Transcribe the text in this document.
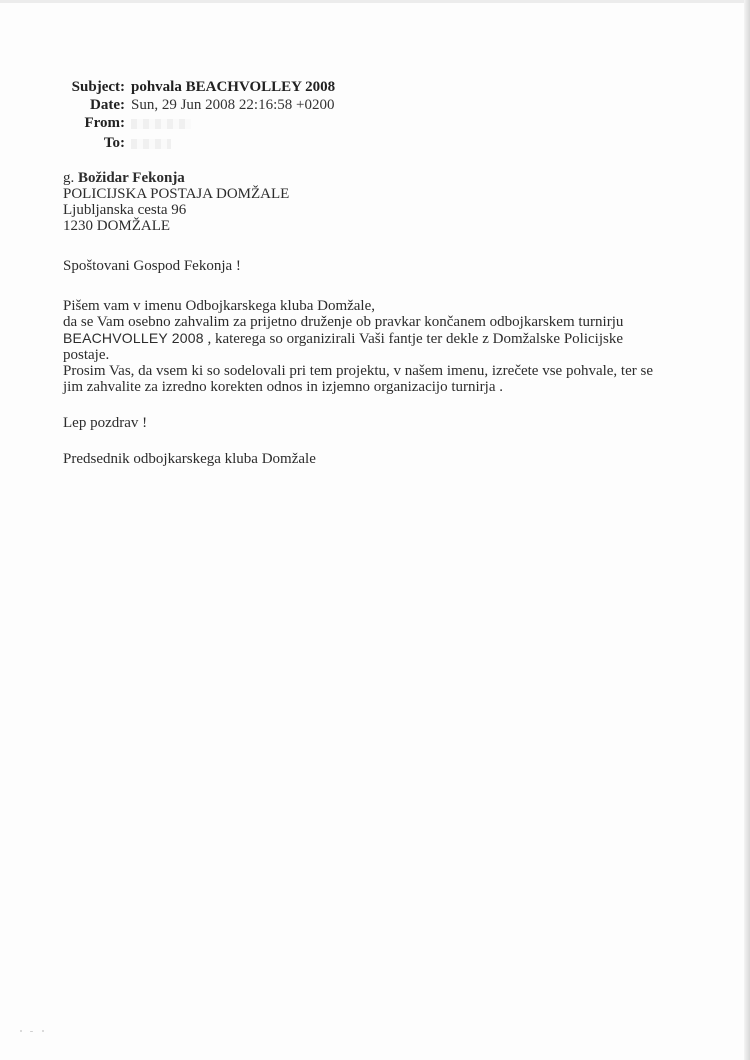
Subject: pohvala BEACHVOLLEY 2008
Date: Sun, 29 Jun 2008 22:16:58 +0200
From:
To:
g. Božidar Fekonja
POLICIJSKA POSTAJA DOMŽALE
Ljubljanska cesta 96
1230 DOMŽALE
Spoštovani Gospod Fekonja !
Pišem vam v imenu Odbojkarskega kluba Domžale,
da se Vam osebno zahvalim za prijetno druženje ob pravkar končanem odbojkarskem turnirju
BEACHVOLLEY 2008 , katerega so organizirali Vaši fantje ter dekle z Domžalske Policijske
postaje.
Prosim Vas, da vsem ki so sodelovali pri tem projektu, v našem imenu, izrečete vse pohvale, ter se
jim zahvalite za izredno korekten odnos in izjemno organizacijo turnirja .
Lep pozdrav !
Predsednik odbojkarskega kluba Domžale
